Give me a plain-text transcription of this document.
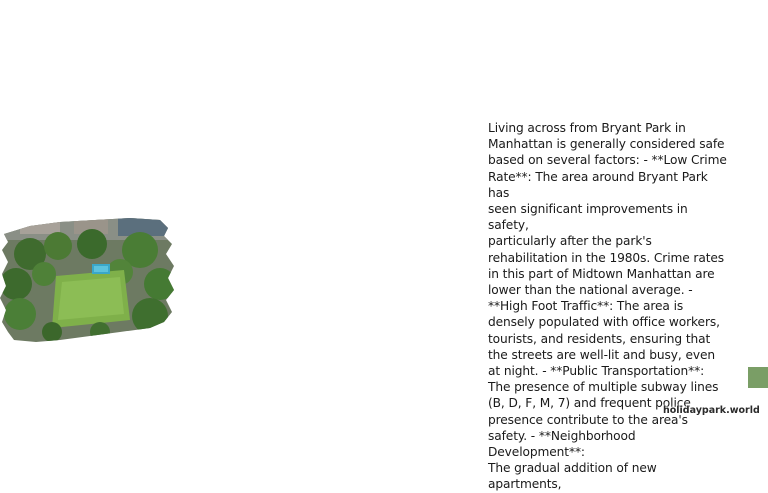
Living across from Bryant Park in
Manhattan is generally considered safe
based on several factors: - **Low Crime
Rate**: The area around Bryant Park has
seen significant improvements in safety,
particularly after the park's
rehabilitation in the 1980s. Crime rates
in this part of Midtown Manhattan are
lower than the national average. -
**High Foot Traffic**: The area is
densely populated with office workers,
tourists, and residents, ensuring that
the streets are well-lit and busy, even
at night. - **Public Transportation**:
The presence of multiple subway lines
(B, D, F, M, 7) and frequent police
presence contribute to the area's
safety. - **Neighborhood Development**:
The gradual addition of new apartments,

holidaypark.world
